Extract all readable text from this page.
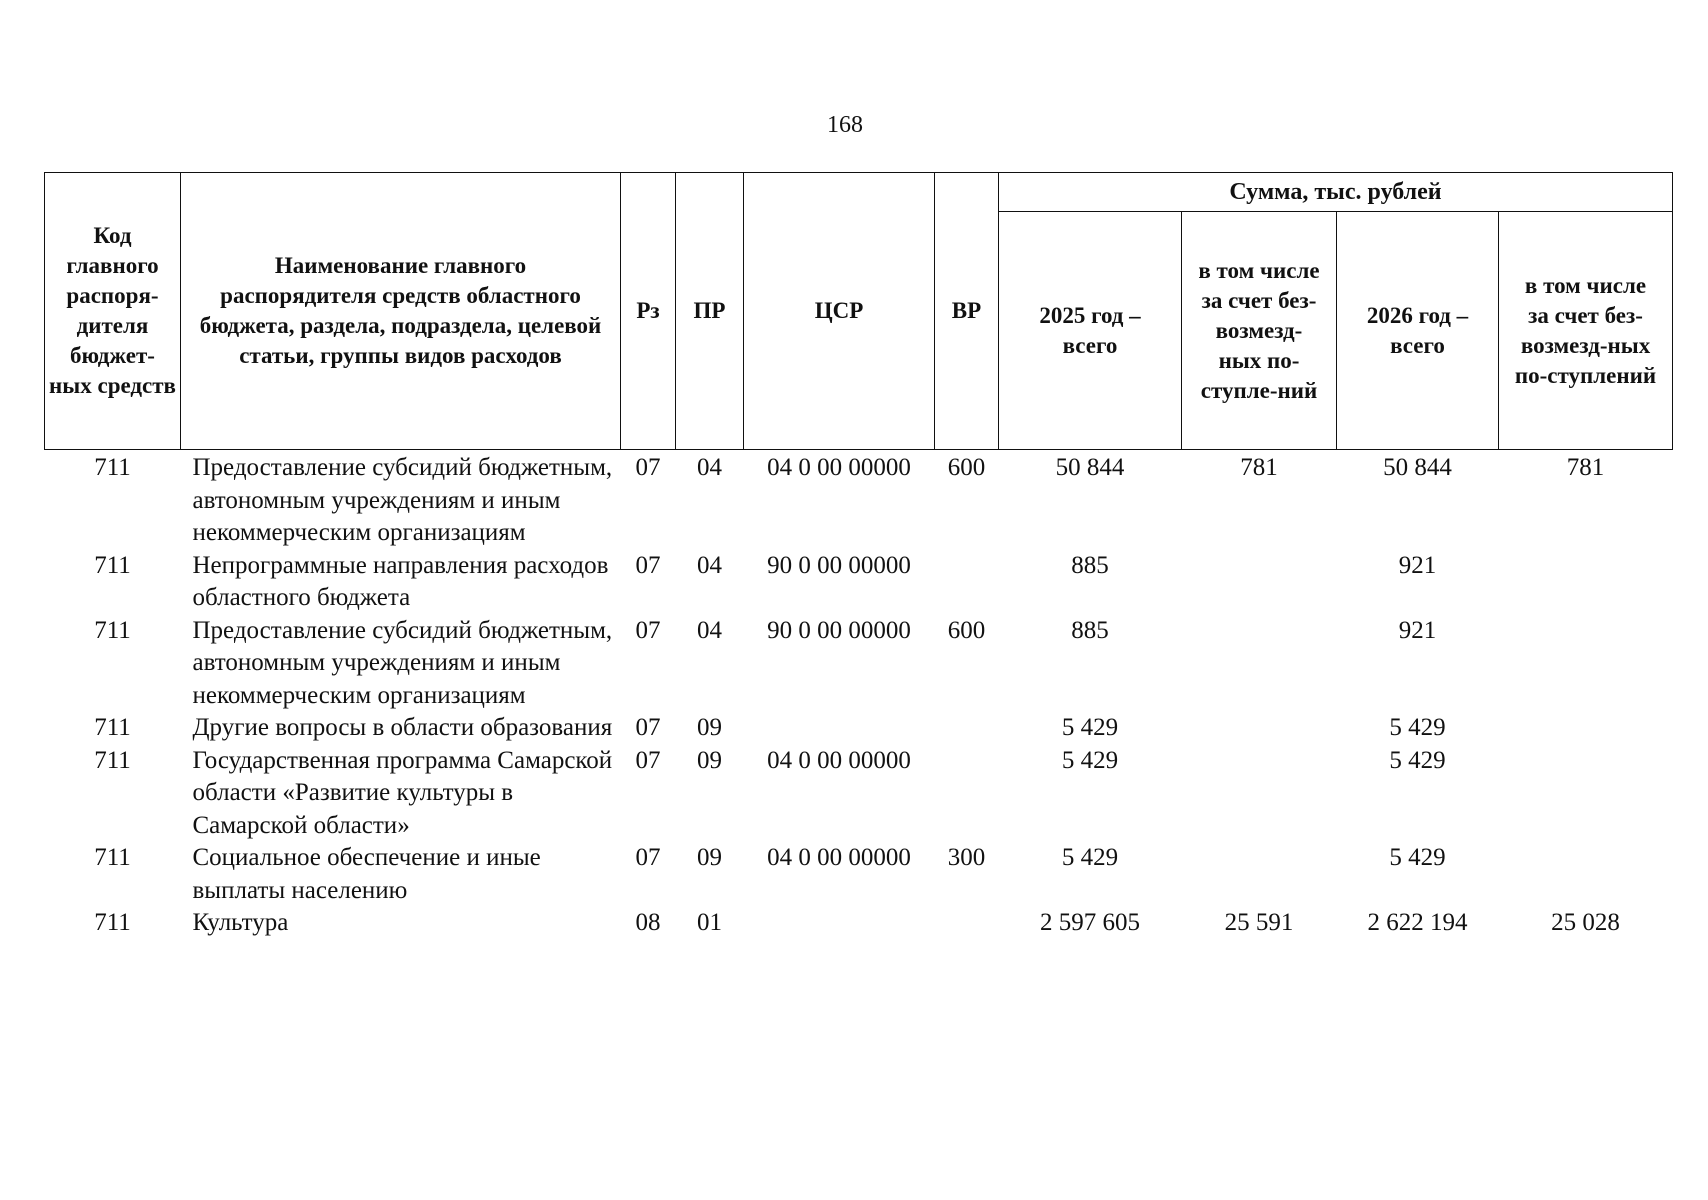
168
Код главного распоря-дителя бюджет-ных средств	Наименование главного распорядителя средств областного бюджета, раздела, подраздела, целевой статьи, группы видов расходов	Рз	ПР	ЦСР	ВР	Сумма, тыс. рублей			
						2025 год – всего	в том числе за счет без-возмезд-ных по-ступле-ний	2026 год – всего	в том числе за счет без-возмезд-ных по-ступлений
711	Предоставление субсидий бюджетным, автономным учреждениям и иным некоммерческим организациям	07	04	04 0 00 00000	600	50 844	781	50 844	781
711	Непрограммные направления расходов областного бюджета	07	04	90 0 00 00000		885		921	
711	Предоставление субсидий бюджетным, автономным учреждениям и иным некоммерческим организациям	07	04	90 0 00 00000	600	885		921	
711	Другие вопросы в области образования	07	09			5 429		5 429	
711	Государственная программа Самарской области «Развитие культуры в Самарской области»	07	09	04 0 00 00000		5 429		5 429	
711	Социальное обеспечение и иные выплаты населению	07	09	04 0 00 00000	300	5 429		5 429	
711	Культура	08	01			2 597 605	25 591	2 622 194	25 028
